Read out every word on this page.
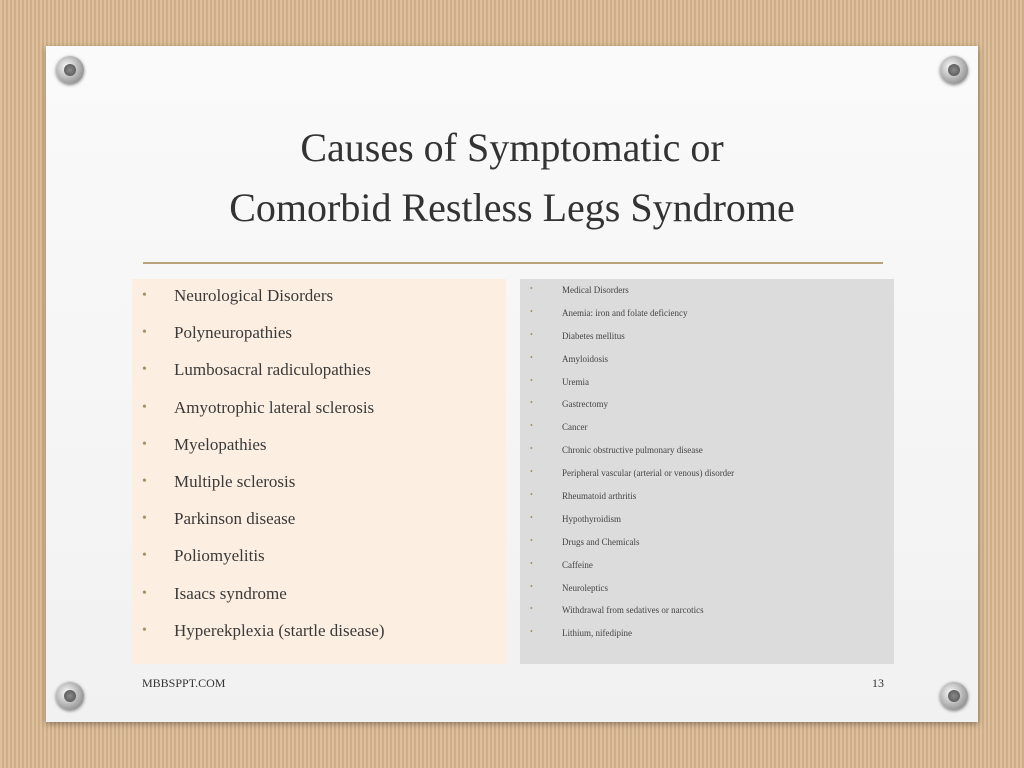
Causes of Symptomatic or
Comorbid Restless Legs Syndrome
• Neurological Disorders
• Polyneuropathies
• Lumbosacral radiculopathies
• Amyotrophic lateral sclerosis
• Myelopathies
• Multiple sclerosis
• Parkinson disease
• Poliomyelitis
• Isaacs syndrome
• Hyperekplexia (startle disease)
•	Medical Disorders
•	Anemia: iron and folate deficiency
•	Diabetes mellitus
•	Amyloidosis
•	Uremia
•	Gastrectomy
•	Cancer
•	Chronic obstructive pulmonary disease
•	Peripheral vascular (arterial or venous) disorder
•	Rheumatoid arthritis
•	Hypothyroidism
•	Drugs and Chemicals
•	Caffeine
•	Neuroleptics
•	Withdrawal from sedatives or narcotics
•	Lithium, nifedipine
MBBSPPT.COM	13
